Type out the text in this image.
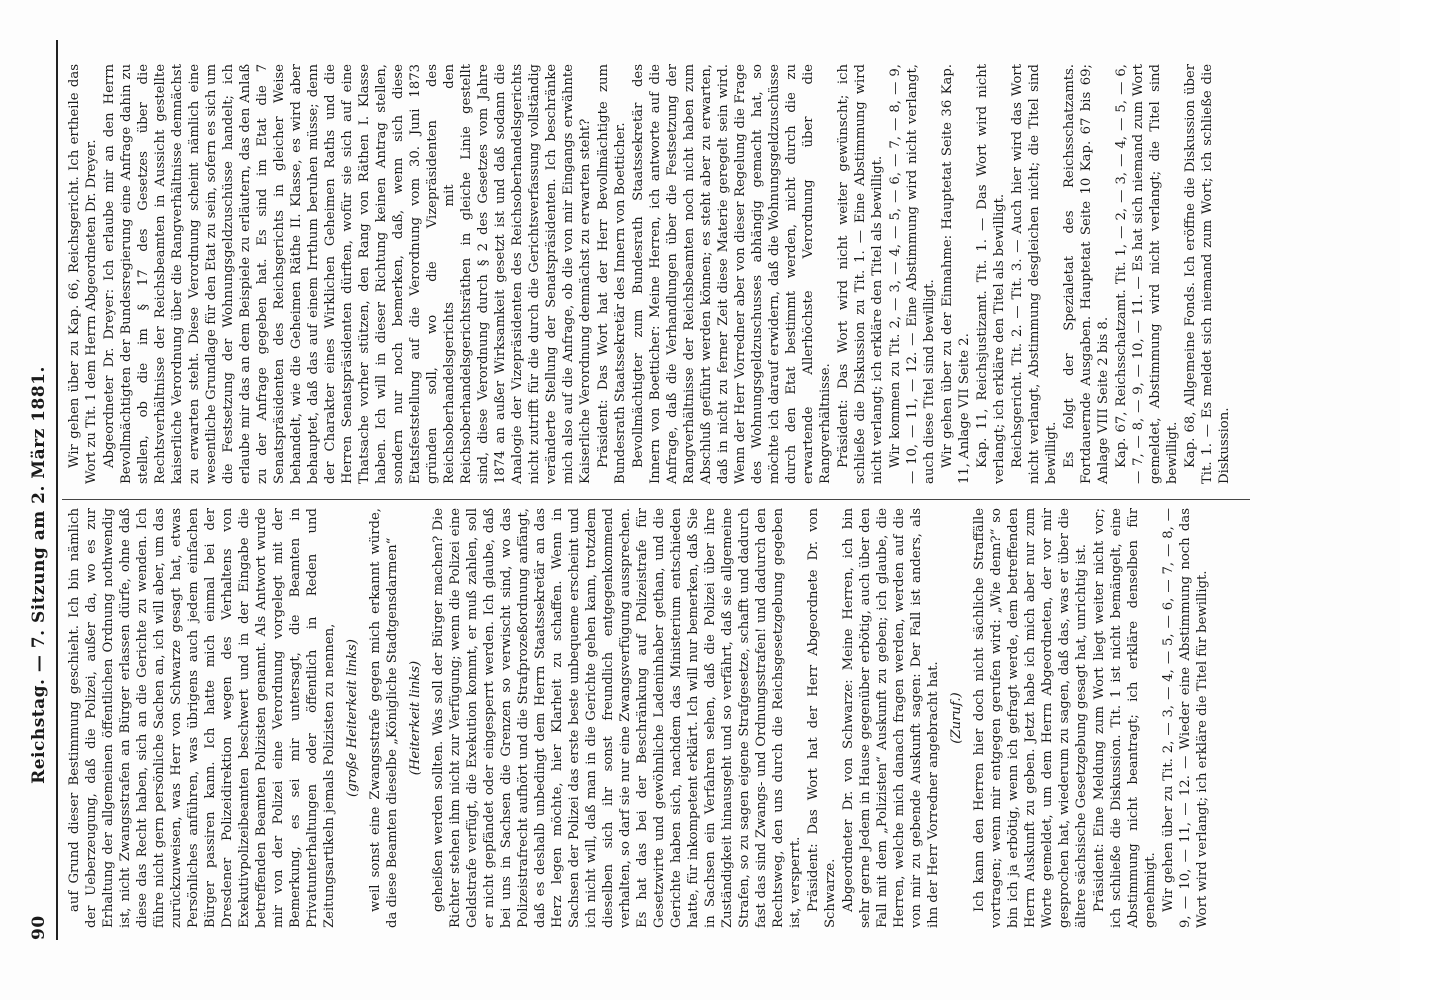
90
Reichstag. — 7. Sitzung am 2. März 1881. auf Grund dieser Bestimmung geschieht. Ich bin nämlich der Ueberzeugung, daß die Polizei, außer da, wo es zur Erhaltung der allgemeinen öffentlichen Ordnung nothwendig ist, nicht Zwangsstrafen an Bürger erlassen dürfe, ohne daß diese das Recht haben, sich an die Gerichte zu wenden. Ich führe nicht gern persönliche Sachen an, ich will aber, um das zurückzuweisen, was Herr von Schwarze gesagt hat, etwas Persönliches anführen, was übrigens auch jedem einfachen Bürger passiren kann. Ich hatte mich einmal bei der Dresdener Polizeidirektion wegen des Verhaltens von Exekutivpolizeibeamten beschwert und in der Eingabe die betreffenden Beamten Polizisten genannt. Als Antwort wurde mir von der Polizei eine Verordnung vorgelegt mit der Bemerkung, es sei mir untersagt, die Beamten in Privatunterhaltungen oder öffentlich in Reden und Zeitungsartikeln jemals Polizisten zu nennen, (große Heiterkeit links) weil sonst eine Zwangsstrafe gegen mich erkannt würde, da diese Beamten dieselbe „Königliche Stadtgensdarmen“ (Heiterkeit links) geheißen werden sollten. Was soll der Bürger machen? Die Richter stehen ihm nicht zur Verfügung; wenn die Polizei eine Geldstrafe verfügt, die Exekution kommt, er muß zahlen, soll er nicht gepfändet oder eingesperrt werden. Ich glaube, daß bei uns in Sachsen die Grenzen so verwischt sind, wo das Polizeistrafrecht aufhört und die Strafprozeßordnung anfängt, daß es deshalb unbedingt dem Herrn Staatssekretär an das Herz legen möchte, hier Klarheit zu schaffen. Wenn in Sachsen der Polizei das erste beste unbequeme erscheint und ich nicht will, daß man in die Gerichte gehen kann, trotzdem dieselben sich ihr sonst freundlich entgegenkommend verhalten, so darf sie nur eine Zwangsverfügung aussprechen. Es hat das bei der Beschränkung auf Polizeistrafe für Gesetzwirte und gewöhnliche Ladeninhaber gethan, und die Gerichte haben sich, nachdem das Ministerium entschieden hatte, für inkompetent erklärt. Ich will nur bemerken, daß Sie in Sachsen ein Verfahren sehen, daß die Polizei über ihre Zuständigkeit hinausgeht und so verfährt, daß sie allgemeine Strafen, so zu sagen eigene Strafgesetze, schafft und dadurch fast das sind Zwangs- und Ordnungsstrafen! und dadurch den Rechtsweg, den uns durch die Reichsgesetzgebung gegeben ist, versperrt. Präsident: Das Wort hat der Herr Abgeordnete Dr. von Schwarze. Abgeordneter Dr. von Schwarze: Meine Herren, ich bin sehr gerne Jedem in Hause gegenüber erbötig, auch über den Fall mit dem „Polizisten“ Auskunft zu geben; ich glaube, die Herren, welche mich danach fragen werden, werden auf die von mir zu gebende Auskunft sagen: Der Fall ist anders, als ihn der Herr Vorredner angebracht hat. (Zuruf.) Ich kann den Herren hier doch nicht sächliche Straffälle vortragen; wenn mir entgegen gerufen wird: „Wie denn?“ so bin ich ja erbötig, wenn ich gefragt werde, dem betreffenden Herrn Auskunft zu geben. Jetzt habe ich mich aber nur zum Worte gemeldet, um dem Herrn Abgeordneten, der vor mir gesprochen hat, wiederum zu sagen, daß das, was er über die ältere sächsische Gesetzgebung gesagt hat, unrichtig ist. Präsident: Eine Meldung zum Wort liegt weiter nicht vor; ich schließe die Diskussion. Tit. 1 ist nicht bemängelt, eine Abstimmung nicht beantragt; ich erkläre denselben für genehmigt. Wir gehen über zu Tit. 2, — 3, — 4, — 5, — 6, — 7, — 8, — 9, — 10, — 11, — 12. — Wieder eine Abstimmung noch das Wort wird verlangt; ich erkläre die Titel für bewilligt.

Wir gehen über zu Kap. 66, Reichsgericht. Ich ertheile das Wort zu Tit. 1 dem Herrn Abgeordneten Dr. Dreyer. Abgeordneter Dr. Dreyer: Ich erlaube mir an den Herrn Bevollmächtigten der Bundesregierung eine Anfrage dahin zu stellen, ob die im § 17 des Gesetzes über die Rechtsverhältnisse der Reichsbeamten in Aussicht gestellte kaiserliche Verordnung über die Rangverhältnisse demnächst zu erwarten steht. Diese Verordnung scheint nämlich eine wesentliche Grundlage für den Etat zu sein, sofern es sich um die Festsetzung der Wohnungsgeldzuschüsse handelt; ich erlaube mir das an dem Beispiele zu erläutern, das den Anlaß zu der Anfrage gegeben hat. Es sind im Etat die 7 Senatspräsidenten des Reichsgerichts in gleicher Weise behandelt, wie die Geheimen Räthe II. Klasse, es wird aber behauptet, daß das auf einem Irrthum beruhen müsse; denn der Charakter eines Wirklichen Geheimen Raths und die Herren Senatspräsidenten dürften, wofür sie sich auf eine Thatsache vorher stützen, den Rang von Räthen I. Klasse haben. Ich will in dieser Richtung keinen Antrag stellen, sondern nur noch bemerken, daß, wenn sich diese Etatsfeststellung auf die Verordnung vom 30. Juni 1873 gründen soll, wo die Vizepräsidenten des Reichsoberhandelsgerichts mit den Reichsoberhandelsgerichtsräthen in gleiche Linie gestellt sind, diese Verordnung durch § 2 des Gesetzes vom Jahre 1874 an außer Wirksamkeit gesetzt ist und daß sodann die Analogie der Vizepräsidenten des Reichsoberhandelsgerichts nicht zutrifft für die durch die Gerichtsverfassung vollständig veränderte Stellung der Senatspräsidenten. Ich beschränke mich also auf die Anfrage, ob die von mir Eingangs erwähnte Kaiserliche Verordnung demnächst zu erwarten steht? Präsident: Das Wort hat der Herr Bevollmächtigte zum Bundesrath Staatssekretär des Innern von Boetticher. Bevollmächtigter zum Bundesrath Staatssekretär des Innern von Boetticher: Meine Herren, ich antworte auf die Anfrage, daß die Verhandlungen über die Festsetzung der Rangverhältnisse der Reichsbeamten noch nicht haben zum Abschluß geführt werden können; es steht aber zu erwarten, daß in nicht zu ferner Zeit diese Materie geregelt sein wird. Wenn der Herr Vorredner aber von dieser Regelung die Frage des Wohnungsgeldzuschusses abhängig gemacht hat, so möchte ich darauf erwidern, daß die Wohnungsgeldzuschüsse durch den Etat bestimmt werden, nicht durch die zu erwartende Allerhöchste Verordnung über die Rangverhältnisse. Präsident: Das Wort wird nicht weiter gewünscht; ich schließe die Diskussion zu Tit. 1. — Eine Abstimmung wird nicht verlangt; ich erkläre den Titel als bewilligt. Wir kommen zu Tit. 2, — 3, — 4, — 5, — 6, — 7, — 8, — 9, — 10, — 11, — 12. — Eine Abstimmung wird nicht verlangt, auch diese Titel sind bewilligt. Wir gehen über zu der Einnahme: Hauptetat Seite 36 Kap. 11, Anlage VII Seite 2. Kap. 11, Reichsjustizamt. Tit. 1. — Das Wort wird nicht verlangt; ich erkläre den Titel als bewilligt. Reichsgericht. Tit. 2. — Tit. 3. — Auch hier wird das Wort nicht verlangt, Abstimmung desgleichen nicht; die Titel sind bewilligt. Es folgt der Spezialetat des Reichsschatzamts. Fortdauernde Ausgaben. Hauptetat Seite 10 Kap. 67 bis 69; Anlage VIII Seite 2 bis 8. Kap. 67, Reichsschatzamt. Tit. 1, — 2, — 3, — 4, — 5, — 6, — 7, — 8, — 9, — 10, — 11. — Es hat sich niemand zum Wort gemeldet, Abstimmung wird nicht verlangt; die Titel sind bewilligt. Kap. 68, Allgemeine Fonds. Ich eröffne die Diskussion über Tit. 1. — Es meldet sich niemand zum Wort; ich schließe die Diskussion.
